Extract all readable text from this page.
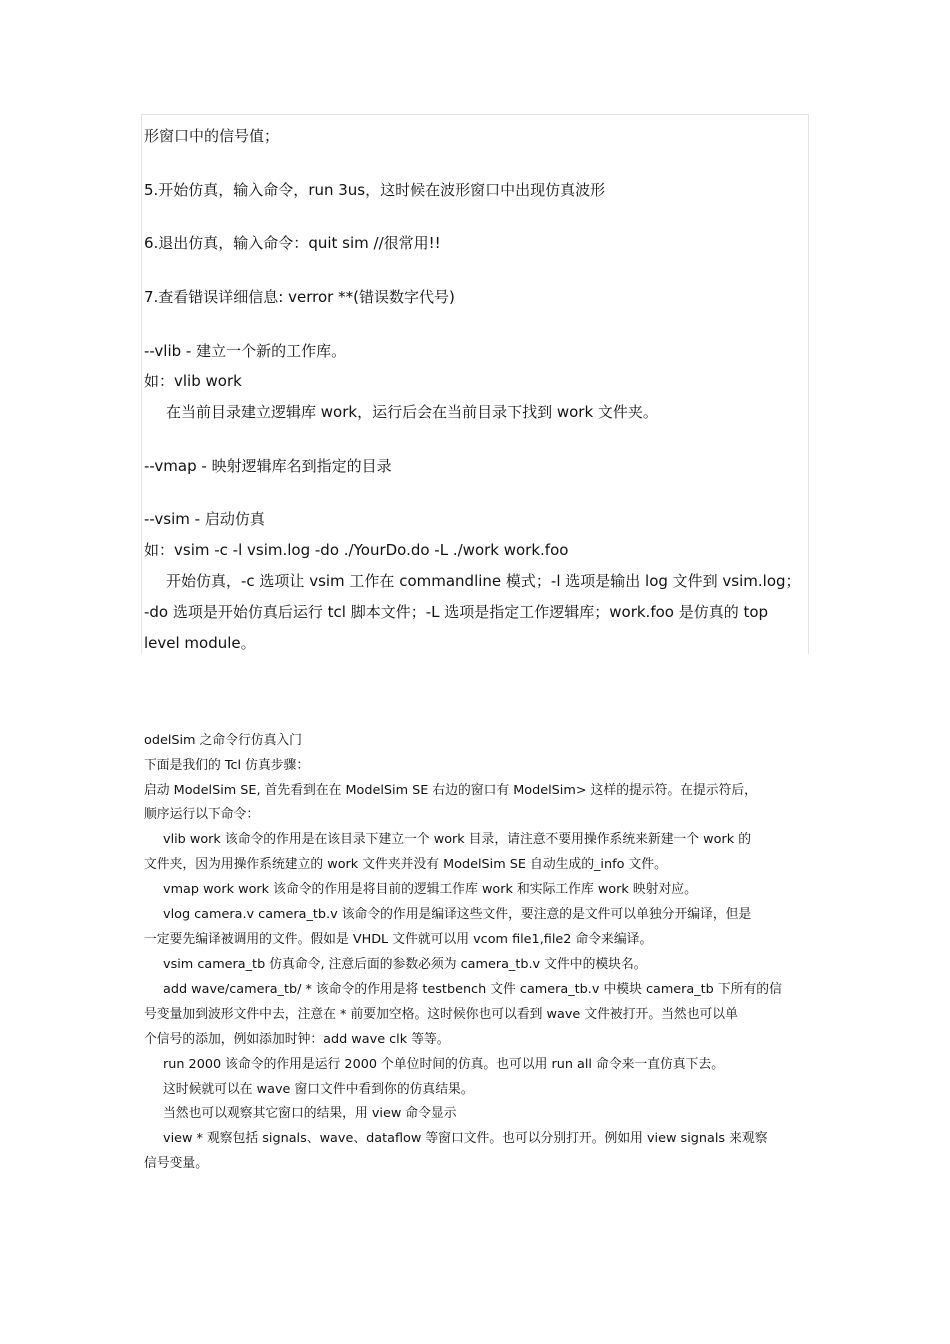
形窗口中的信号值；
5.开始仿真，输入命令，run 3us，这时候在波形窗口中出现仿真波形
6.退出仿真，输入命令：quit sim //很常用!!
7.查看错误详细信息: verror **(错误数字代号)
--vlib - 建立一个新的工作库。
如：vlib work
在当前目录建立逻辑库 work，运行后会在当前目录下找到 work 文件夹。
--vmap - 映射逻辑库名到指定的目录
--vsim - 启动仿真
如：vsim -c -l vsim.log -do ./YourDo.do -L ./work work.foo
开始仿真，-c 选项让 vsim 工作在 commandline 模式；-l 选项是输出 log 文件到 vsim.log；
-do 选项是开始仿真后运行 tcl 脚本文件；-L 选项是指定工作逻辑库；work.foo 是仿真的 top
level module。
odelSim 之命令行仿真入门
下面是我们的 Tcl 仿真步骤：
启动 ModelSim SE, 首先看到在在 ModelSim SE 右边的窗口有 ModelSim> 这样的提示符。在提示符后，
顺序运行以下命令：
vlib work 该命令的作用是在该目录下建立一个 work 目录，请注意不要用操作系统来新建一个 work 的
文件夹，因为用操作系统建立的 work 文件夹并没有 ModelSim SE 自动生成的_info 文件。
vmap work work 该命令的作用是将目前的逻辑工作库 work 和实际工作库 work 映射对应。
vlog camera.v camera_tb.v 该命令的作用是编译这些文件，要注意的是文件可以单独分开编译，但是
一定要先编译被调用的文件。假如是 VHDL 文件就可以用 vcom file1,file2 命令来编译。
vsim camera_tb 仿真命令, 注意后面的参数必须为 camera_tb.v 文件中的模块名。
add wave/camera_tb/ * 该命令的作用是将 testbench 文件 camera_tb.v 中模块 camera_tb 下所有的信
号变量加到波形文件中去，注意在 * 前要加空格。这时候你也可以看到 wave 文件被打开。当然也可以单
个信号的添加，例如添加时钟：add wave clk 等等。
run 2000 该命令的作用是运行 2000 个单位时间的仿真。也可以用 run all 命令来一直仿真下去。
这时候就可以在 wave 窗口文件中看到你的仿真结果。
当然也可以观察其它窗口的结果，用 view 命令显示
view * 观察包括 signals、wave、dataflow 等窗口文件。也可以分别打开。例如用 view signals 来观察
信号变量。
